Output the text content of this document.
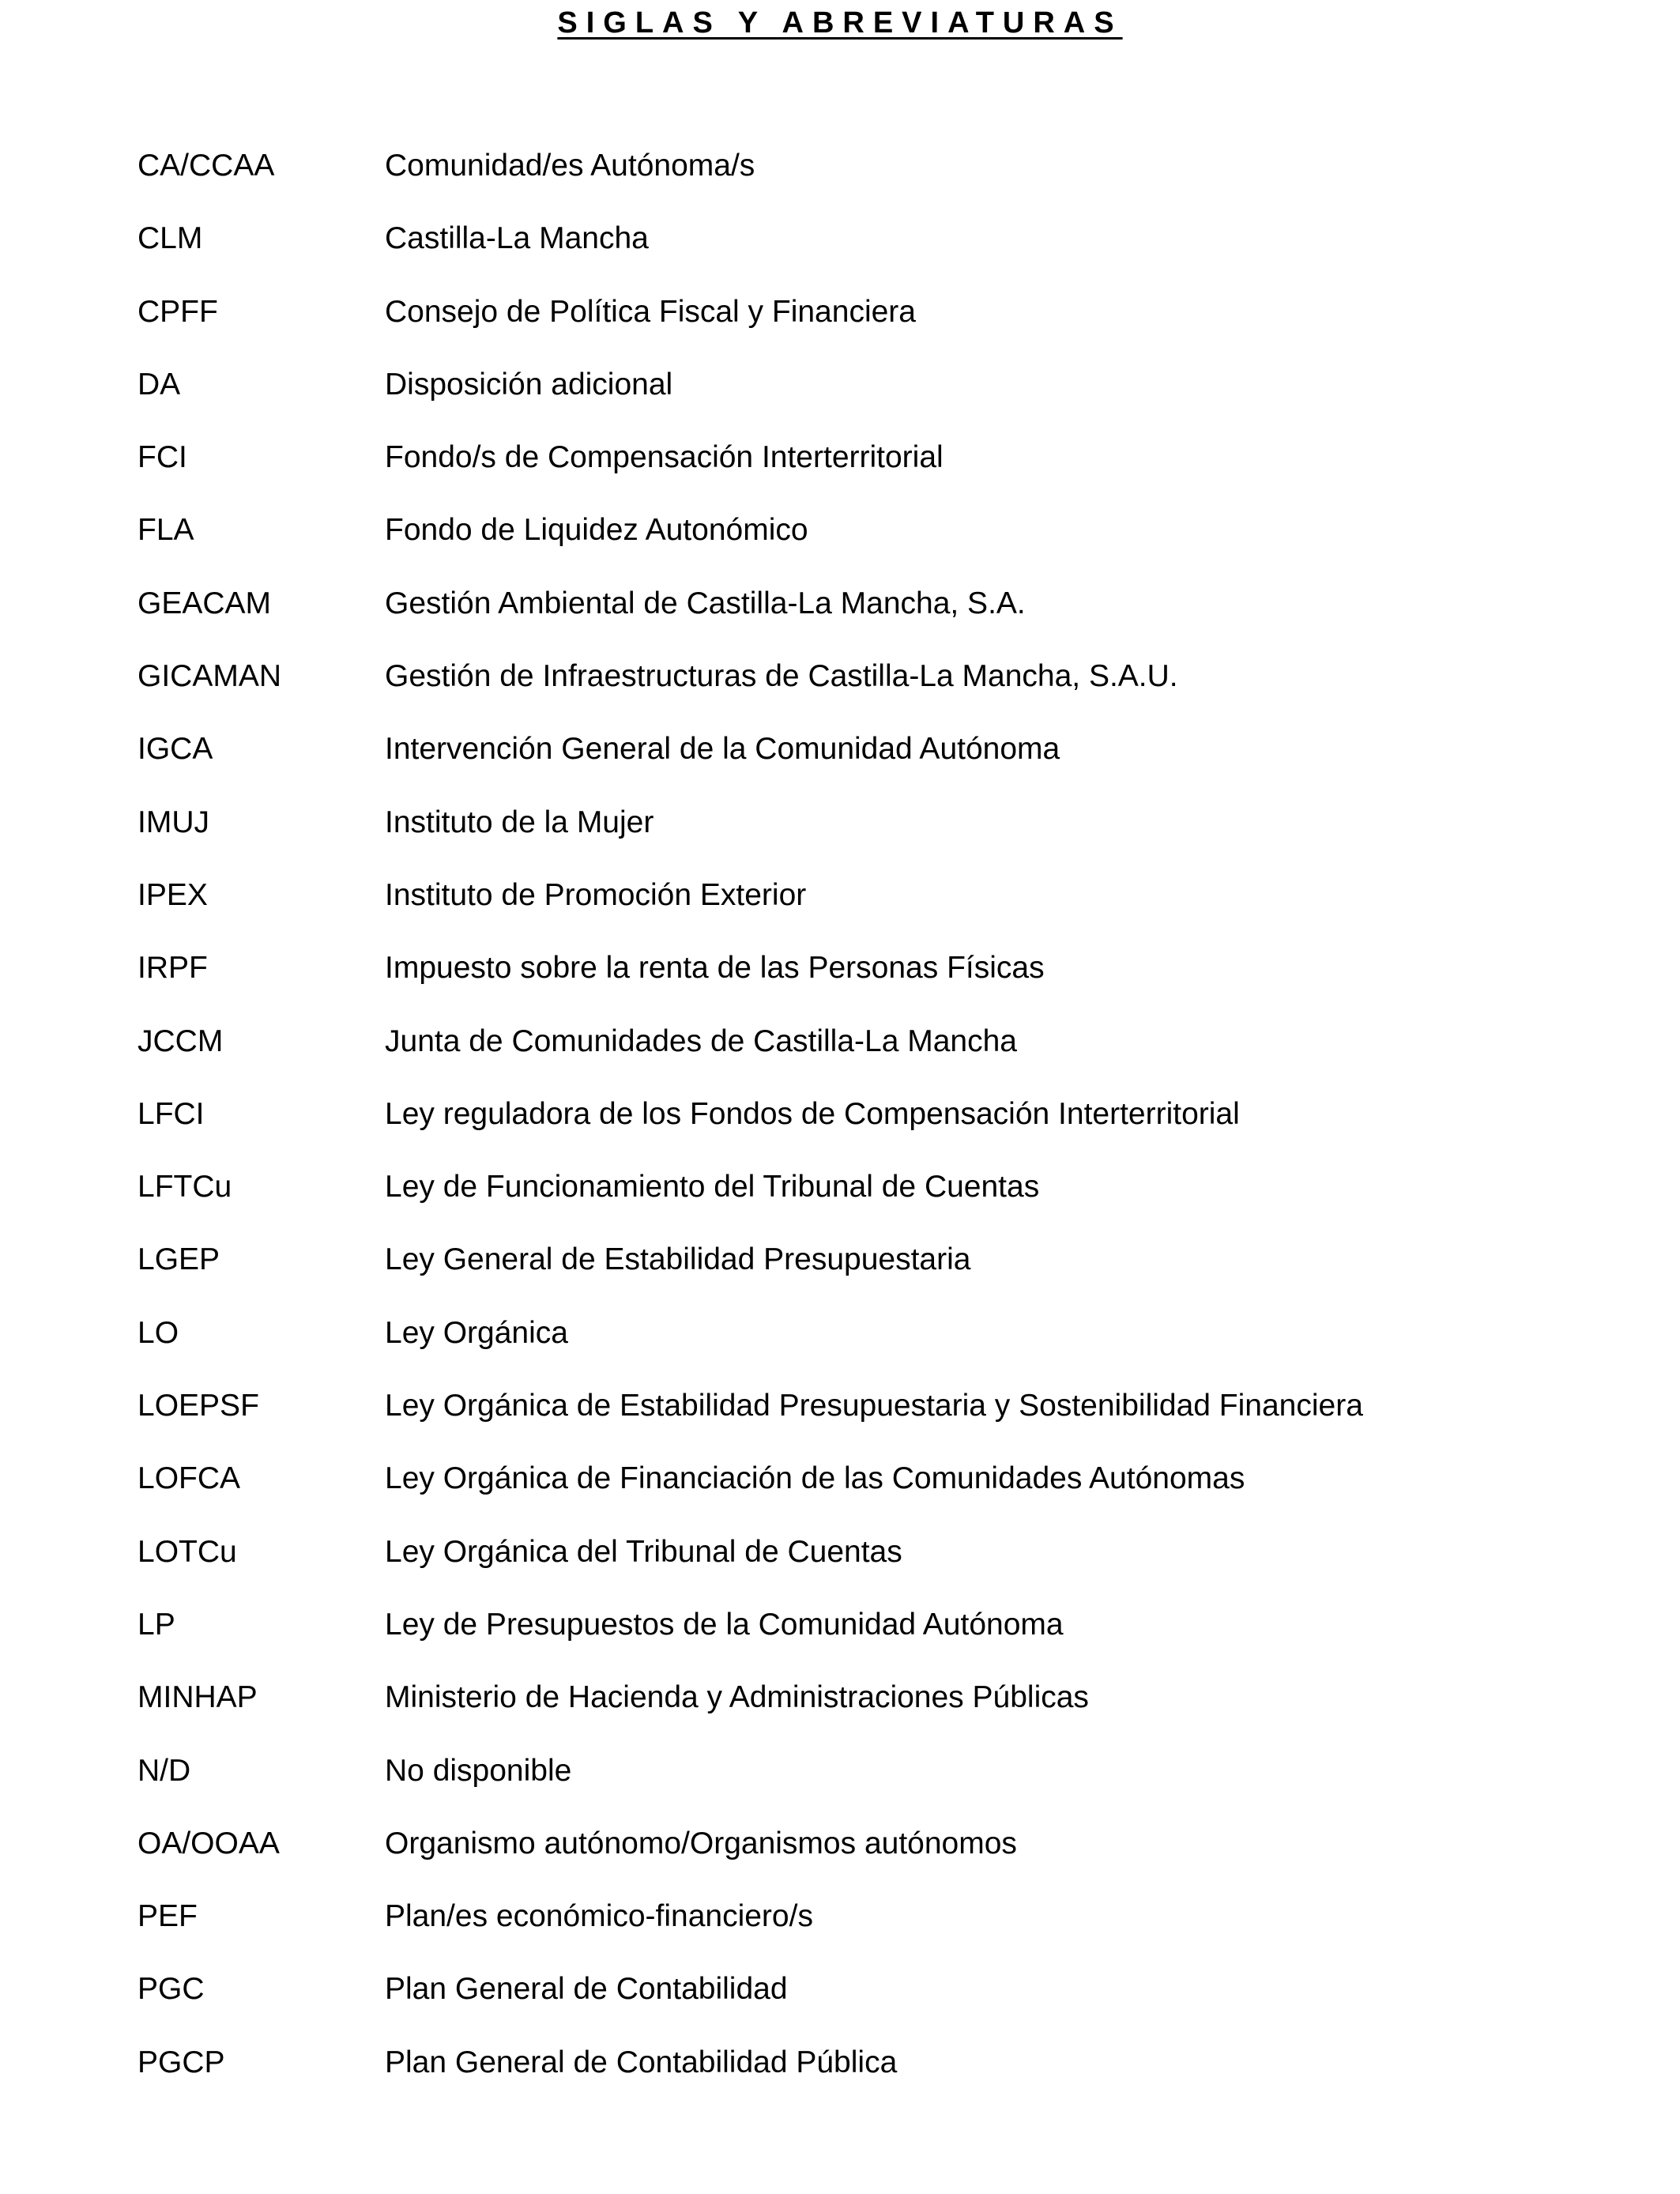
SIGLAS Y ABREVIATURAS
CA/CCAA	Comunidad/es Autónoma/s
CLM	Castilla-La Mancha
CPFF	Consejo de Política Fiscal y Financiera
DA	Disposición adicional
FCI	Fondo/s de Compensación Interterritorial
FLA	Fondo de Liquidez Autonómico
GEACAM	Gestión Ambiental de Castilla-La Mancha, S.A.
GICAMAN	Gestión de Infraestructuras de Castilla-La Mancha, S.A.U.
IGCA	Intervención General de la Comunidad Autónoma
IMUJ	Instituto de la Mujer
IPEX	Instituto de Promoción Exterior
IRPF	Impuesto sobre la renta de las Personas Físicas
JCCM	Junta de Comunidades de Castilla-La Mancha
LFCI	Ley reguladora de los Fondos de Compensación Interterritorial
LFTCu	Ley de Funcionamiento del Tribunal de Cuentas
LGEP	Ley General de Estabilidad Presupuestaria
LO	Ley Orgánica
LOEPSF	Ley Orgánica de Estabilidad Presupuestaria y Sostenibilidad Financiera
LOFCA	Ley Orgánica de Financiación de las Comunidades Autónomas
LOTCu	Ley Orgánica del Tribunal de Cuentas
LP	Ley de Presupuestos de la Comunidad Autónoma
MINHAP	Ministerio de Hacienda y Administraciones Públicas
N/D	No disponible
OA/OOAA	Organismo autónomo/Organismos autónomos
PEF	Plan/es económico-financiero/s
PGC	Plan General de Contabilidad
PGCP	Plan General de Contabilidad Pública
